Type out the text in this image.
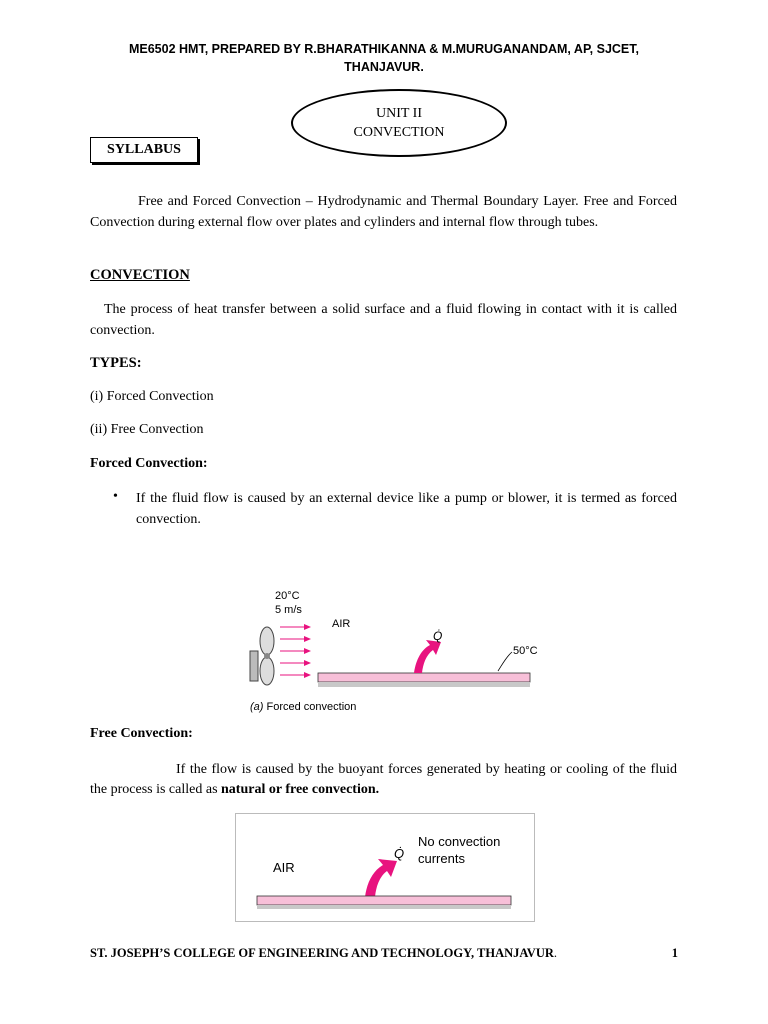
ME6502 HMT, PREPARED BY R.BHARATHIKANNA & M.MURUGANANDAM, AP, SJCET,
THANJAVUR.
UNIT II
CONVECTION
SYLLABUS
Free and Forced Convection – Hydrodynamic and Thermal Boundary Layer. Free and Forced Convection during external flow over plates and cylinders and internal flow through tubes.
CONVECTION
The process of heat transfer between a solid surface and a fluid flowing in contact with it is called convection.
TYPES:
(i) Forced Convection
(ii) Free Convection
Forced Convection:
• If the fluid flow is caused by an external device like a pump or blower, it is termed as forced convection.
20°C
5 m/s
AIR
Q̇
50°C
(a) Forced convection
Free Convection:
If the flow is caused by the buoyant forces generated by heating or cooling of the fluid the process is called as natural or free convection.
AIR
Q̇
No convection
currents
ST. JOSEPH’S COLLEGE OF ENGINEERING AND TECHNOLOGY, THANJAVUR.	1
